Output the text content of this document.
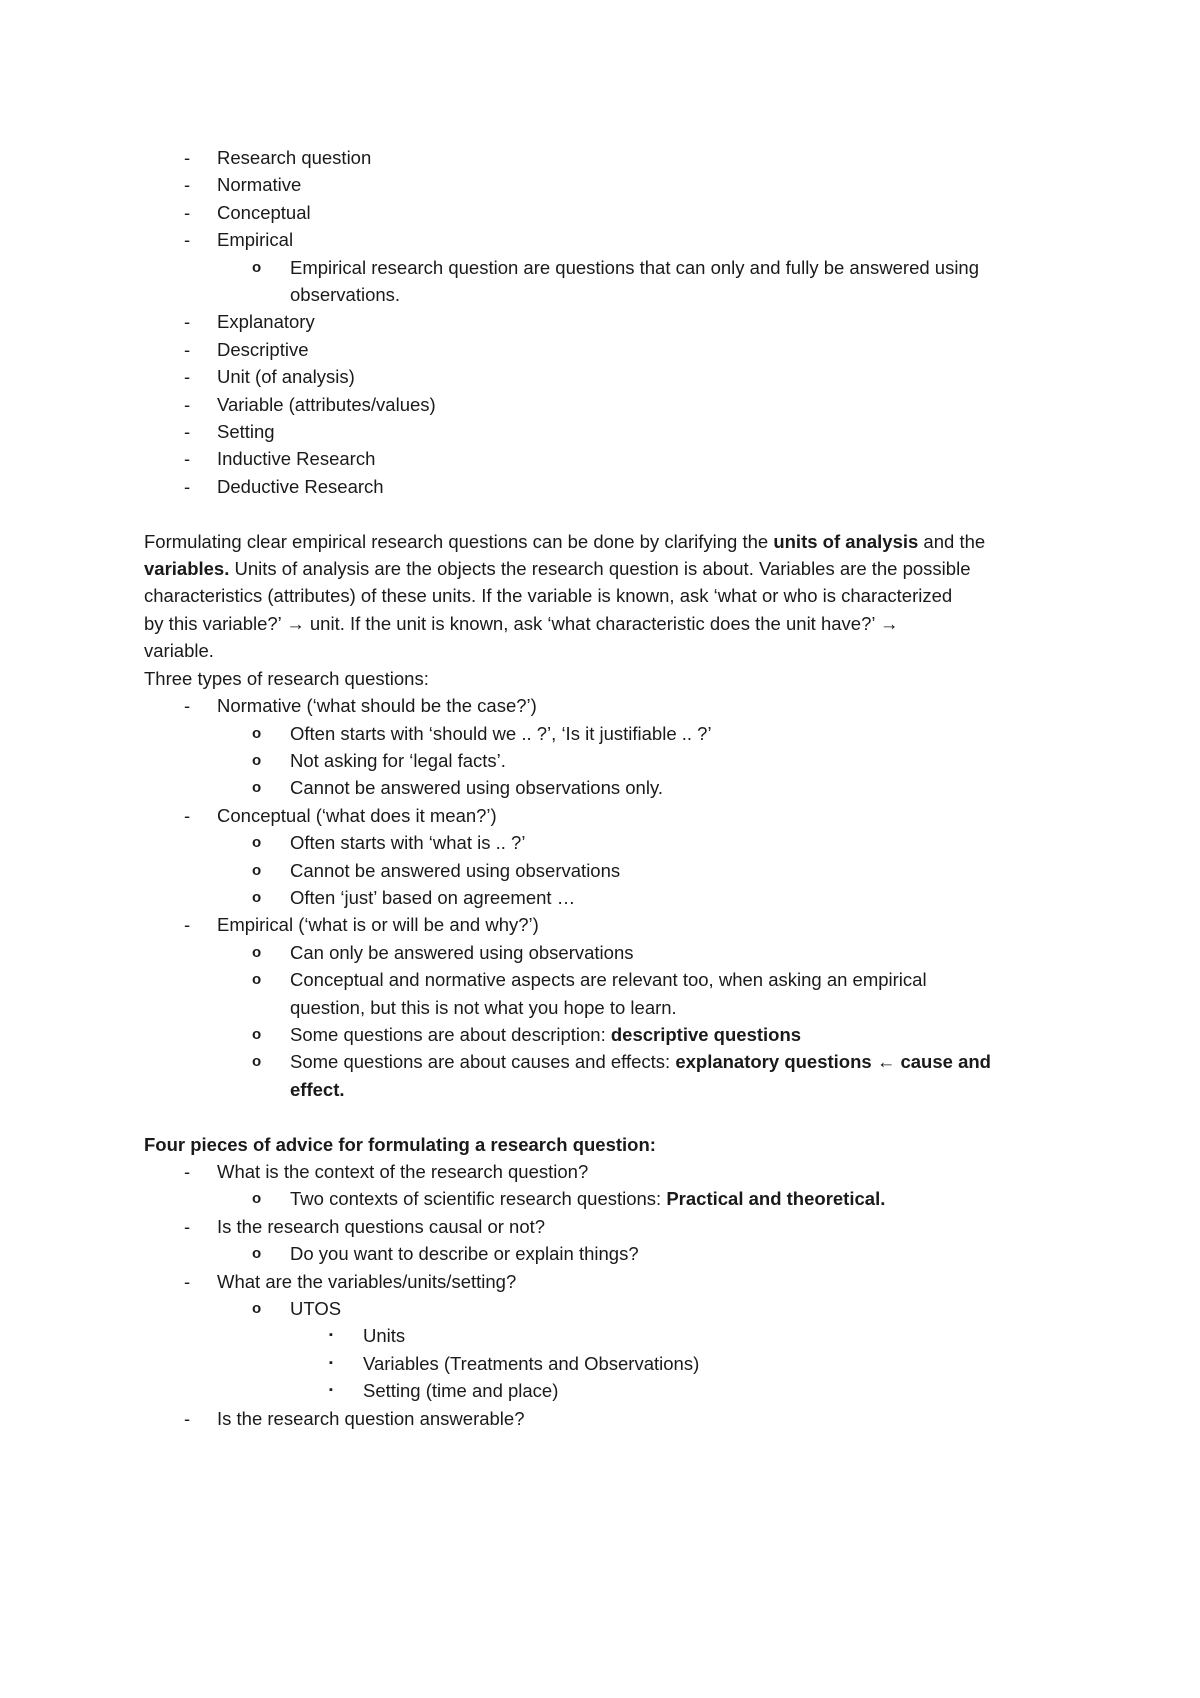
-	Research question
-	Normative
-	Conceptual
-	Empirical
o	Empirical research question are questions that can only and fully be answered using
observations.
-	Explanatory
-	Descriptive
-	Unit (of analysis)
-	Variable (attributes/values)
-	Setting
-	Inductive Research
-	Deductive Research
Formulating clear empirical research questions can be done by clarifying the units of analysis and the
variables. Units of analysis are the objects the research question is about. Variables are the possible
characteristics (attributes) of these units. If the variable is known, ask ‘what or who is characterized
by this variable?’ → unit. If the unit is known, ask ‘what characteristic does the unit have?’ →
variable.
Three types of research questions:
-	Normative (‘what should be the case?’)
o	Often starts with ‘should we .. ?’, ‘Is it justifiable .. ?’
o	Not asking for ‘legal facts’.
o	Cannot be answered using observations only.
-	Conceptual (‘what does it mean?’)
o	Often starts with ‘what is .. ?’
o	Cannot be answered using observations
o	Often ‘just’ based on agreement …
-	Empirical (‘what is or will be and why?’)
o	Can only be answered using observations
o	Conceptual and normative aspects are relevant too, when asking an empirical
question, but this is not what you hope to learn.
o	Some questions are about description: descriptive questions
o	Some questions are about causes and effects: explanatory questions ← cause and
effect.
Four pieces of advice for formulating a research question:
-	What is the context of the research question?
o	Two contexts of scientific research questions: Practical and theoretical.
-	Is the research questions causal or not?
o	Do you want to describe or explain things?
-	What are the variables/units/setting?
o	UTOS
▪	Units
▪	Variables (Treatments and Observations)
▪	Setting (time and place)
-	Is the research question answerable?
